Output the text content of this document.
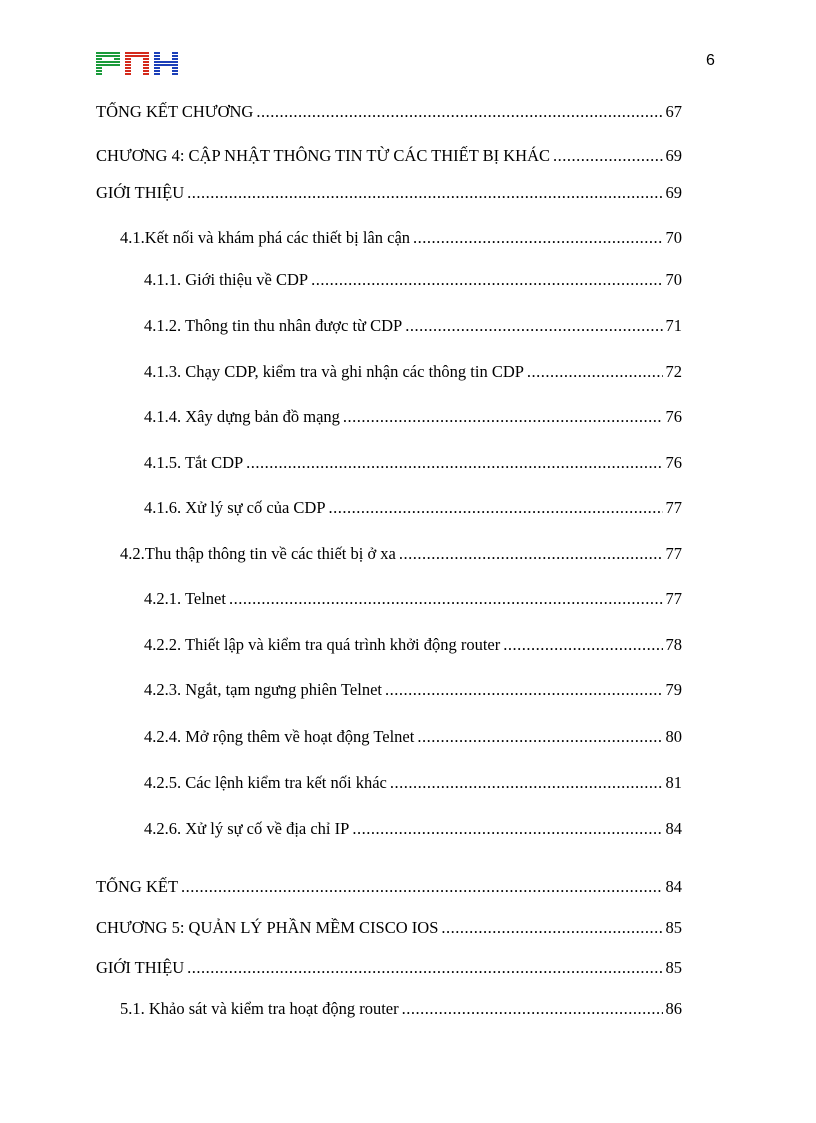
6
TỔNG KẾT CHƯƠNG .....	67
CHƯƠNG 4: CẬP NHẬT THÔNG TIN TỪ CÁC THIẾT BỊ KHÁC .....	69
GIỚI THIỆU .....	69
4.1.Kết nối và khám phá các thiết bị lân cận .....	70
4.1.1. Giới thiệu về CDP .....	70
4.1.2. Thông tin thu nhân được từ CDP .....	71
4.1.3. Chạy CDP, kiểm tra và ghi nhận các thông tin CDP .....	72
4.1.4. Xây dựng bản đồ mạng .....	76
4.1.5. Tắt CDP .....	76
4.1.6. Xử lý sự cố của CDP .....	77
4.2.Thu thập thông tin về các thiết bị ở xa .....	77
4.2.1. Telnet .....	77
4.2.2. Thiết lập và kiểm tra quá trình khởi động router .....	78
4.2.3. Ngắt, tạm ngưng phiên Telnet .....	79
4.2.4. Mở rộng thêm về hoạt động Telnet .....	80
4.2.5. Các lệnh kiểm tra kết nối khác .....	81
4.2.6. Xử lý sự cố về địa chỉ IP .....	84
TỔNG KẾT .....	84
CHƯƠNG 5: QUẢN LÝ PHẦN MỀM CISCO IOS .....	85
GIỚI THIỆU .....	85
5.1. Khảo sát và kiểm tra hoạt động router .....	86
